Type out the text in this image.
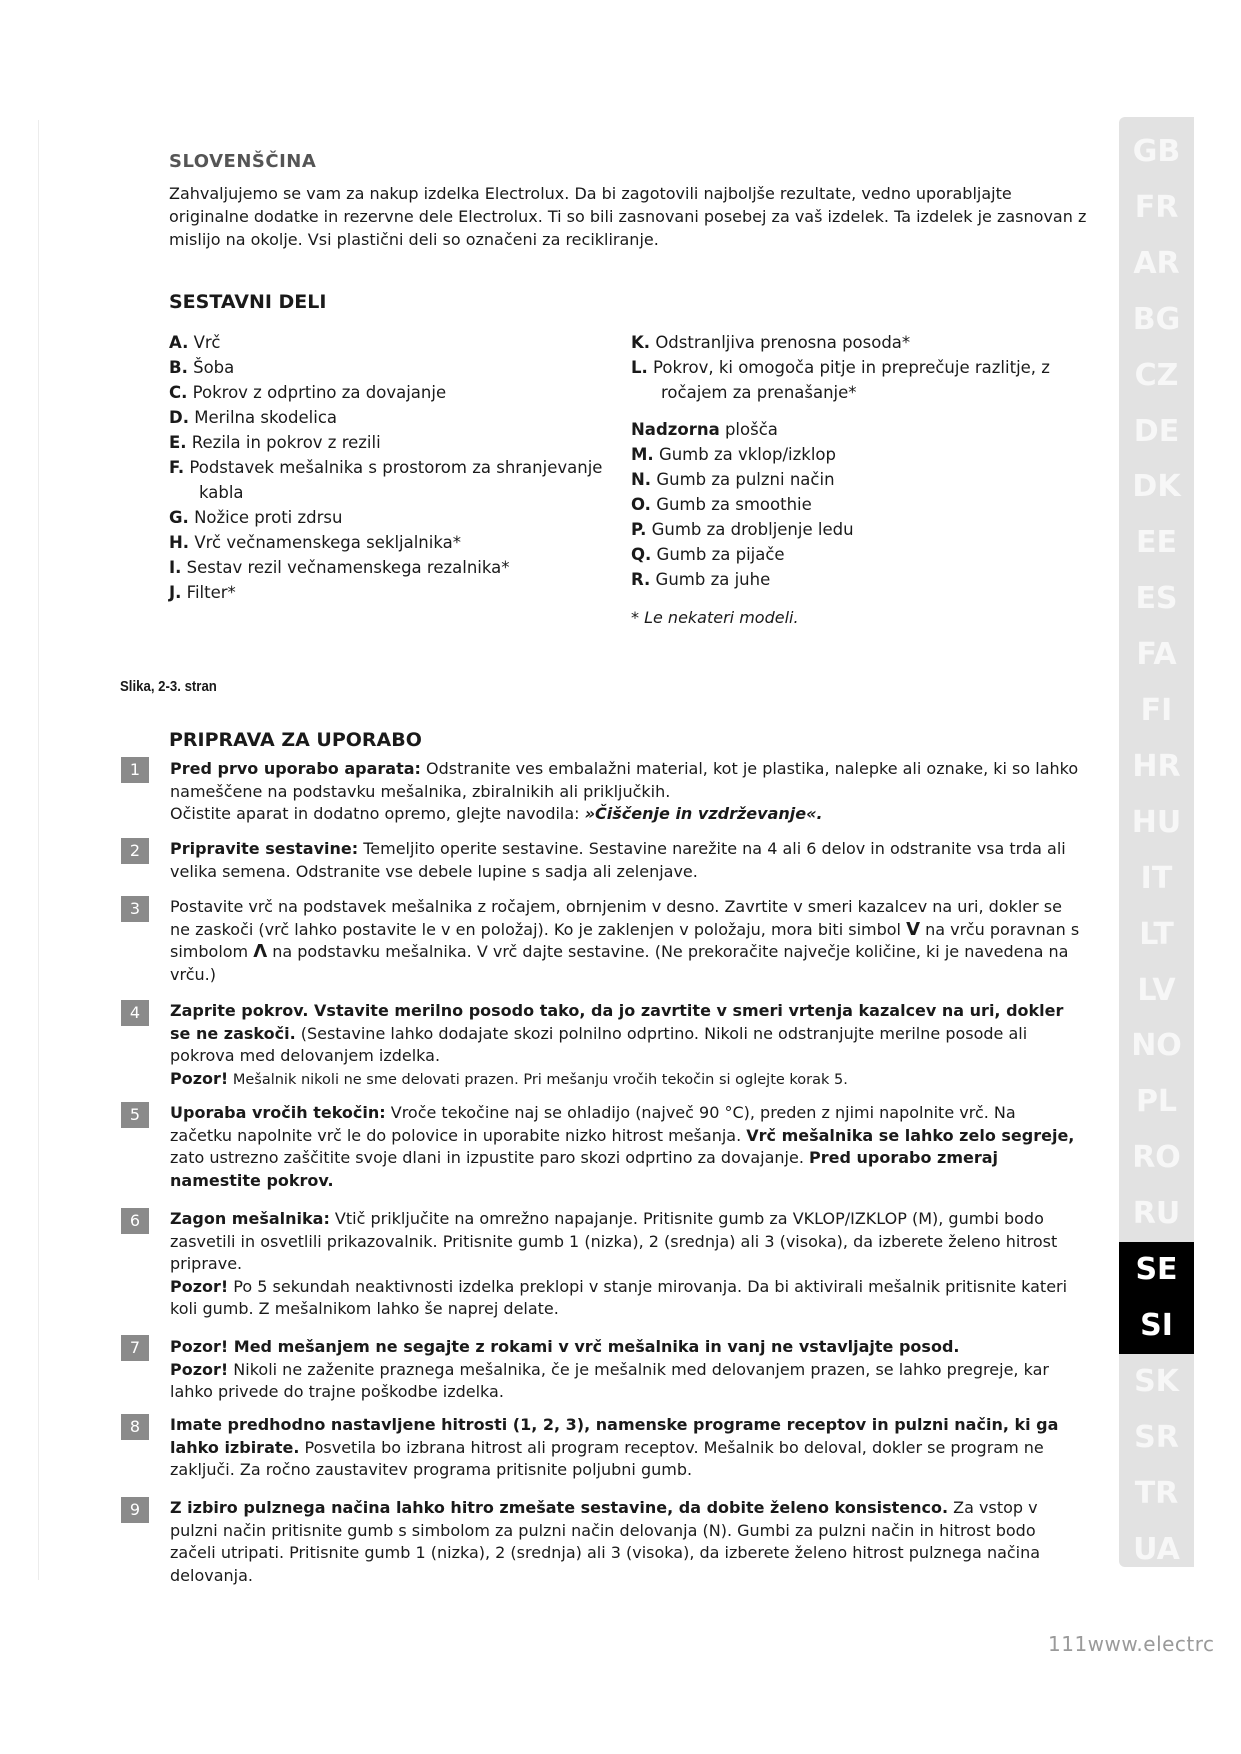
SLOVENŠČINA
Zahvaljujemo se vam za nakup izdelka Electrolux. Da bi zagotovili najboljše rezultate, vedno uporabljajte originalne dodatke in rezervne dele Electrolux. Ti so bili zasnovani posebej za vaš izdelek. Ta izdelek je zasnovan z mislijo na okolje. Vsi plastični deli so označeni za recikliranje.
SESTAVNI DELI
A. Vrč
B. Šoba
C. Pokrov z odprtino za dovajanje
D. Merilna skodelica
E. Rezila in pokrov z rezili
F. Podstavek mešalnika s prostorom za shranjevanje
kabla
G. Nožice proti zdrsu
H. Vrč večnamenskega sekljalnika*
I. Sestav rezil večnamenskega rezalnika*
J. Filter*
K. Odstranljiva prenosna posoda*
L. Pokrov, ki omogoča pitje in preprečuje razlitje, z
ročajem za prenašanje*
Nadzorna plošča
M. Gumb za vklop/izklop
N. Gumb za pulzni način
O. Gumb za smoothie
P. Gumb za drobljenje ledu
Q. Gumb za pijače
R. Gumb za juhe
* Le nekateri modeli.
Slika, 2-3. stran
PRIPRAVA ZA UPORABO
1	Pred prvo uporabo aparata: Odstranite ves embalažni material, kot je plastika, nalepke ali oznake, ki so lahko nameščene na podstavku mešalnika, zbiralnikih ali priključkih.
Očistite aparat in dodatno opremo, glejte navodila: »Čiščenje in vzdrževanje«.
2	Pripravite sestavine: Temeljito operite sestavine. Sestavine narežite na 4 ali 6 delov in odstranite vsa trda ali velika semena. Odstranite vse debele lupine s sadja ali zelenjave.
3	Postavite vrč na podstavek mešalnika z ročajem, obrnjenim v desno. Zavrtite v smeri kazalcev na uri, dokler se ne zaskoči (vrč lahko postavite le v en položaj). Ko je zaklenjen v položaju, mora biti simbol V na vrču poravnan s simbolom Λ na podstavku mešalnika. V vrč dajte sestavine. (Ne prekoračite največje količine, ki je navedena na vrču.)
4	Zaprite pokrov. Vstavite merilno posodo tako, da jo zavrtite v smeri vrtenja kazalcev na uri, dokler se ne zaskoči. (Sestavine lahko dodajate skozi polnilno odprtino. Nikoli ne odstranjujte merilne posode ali pokrova med delovanjem izdelka.
Pozor! Mešalnik nikoli ne sme delovati prazen. Pri mešanju vročih tekočin si oglejte korak 5.
5	Uporaba vročih tekočin: Vroče tekočine naj se ohladijo (največ 90 °C), preden z njimi napolnite vrč. Na začetku napolnite vrč le do polovice in uporabite nizko hitrost mešanja. Vrč mešalnika se lahko zelo segreje, zato ustrezno zaščitite svoje dlani in izpustite paro skozi odprtino za dovajanje. Pred uporabo zmeraj namestite pokrov.
6	Zagon mešalnika: Vtič priključite na omrežno napajanje. Pritisnite gumb za VKLOP/IZKLOP (M), gumbi bodo zasvetili in osvetlili prikazovalnik. Pritisnite gumb 1 (nizka), 2 (srednja) ali 3 (visoka), da izberete želeno hitrost priprave.
Pozor! Po 5 sekundah neaktivnosti izdelka preklopi v stanje mirovanja. Da bi aktivirali mešalnik pritisnite kateri koli gumb. Z mešalnikom lahko še naprej delate.
7	Pozor! Med mešanjem ne segajte z rokami v vrč mešalnika in vanj ne vstavljajte posod.
Pozor! Nikoli ne zaženite praznega mešalnika, če je mešalnik med delovanjem prazen, se lahko pregreje, kar lahko privede do trajne poškodbe izdelka.
8	Imate predhodno nastavljene hitrosti (1, 2, 3), namenske programe receptov in pulzni način, ki ga lahko izbirate. Posvetila bo izbrana hitrost ali program receptov. Mešalnik bo deloval, dokler se program ne zaključi. Za ročno zaustavitev programa pritisnite poljubni gumb.
9	Z izbiro pulznega načina lahko hitro zmešate sestavine, da dobite želeno konsistenco. Za vstop v pulzni način pritisnite gumb s simbolom za pulzni način delovanja (N). Gumbi za pulzni način in hitrost bodo začeli utripati. Pritisnite gumb 1 (nizka), 2 (srednja) ali 3 (visoka), da izberete želeno hitrost pulznega načina delovanja.
GB
FR
AR
BG
CZ
DE
DK
EE
ES
FA
FI
HR
HU
IT
LT
LV
NO
PL
RO
RU
SE
SI
SK
SR
TR
UA
111www.electrc
